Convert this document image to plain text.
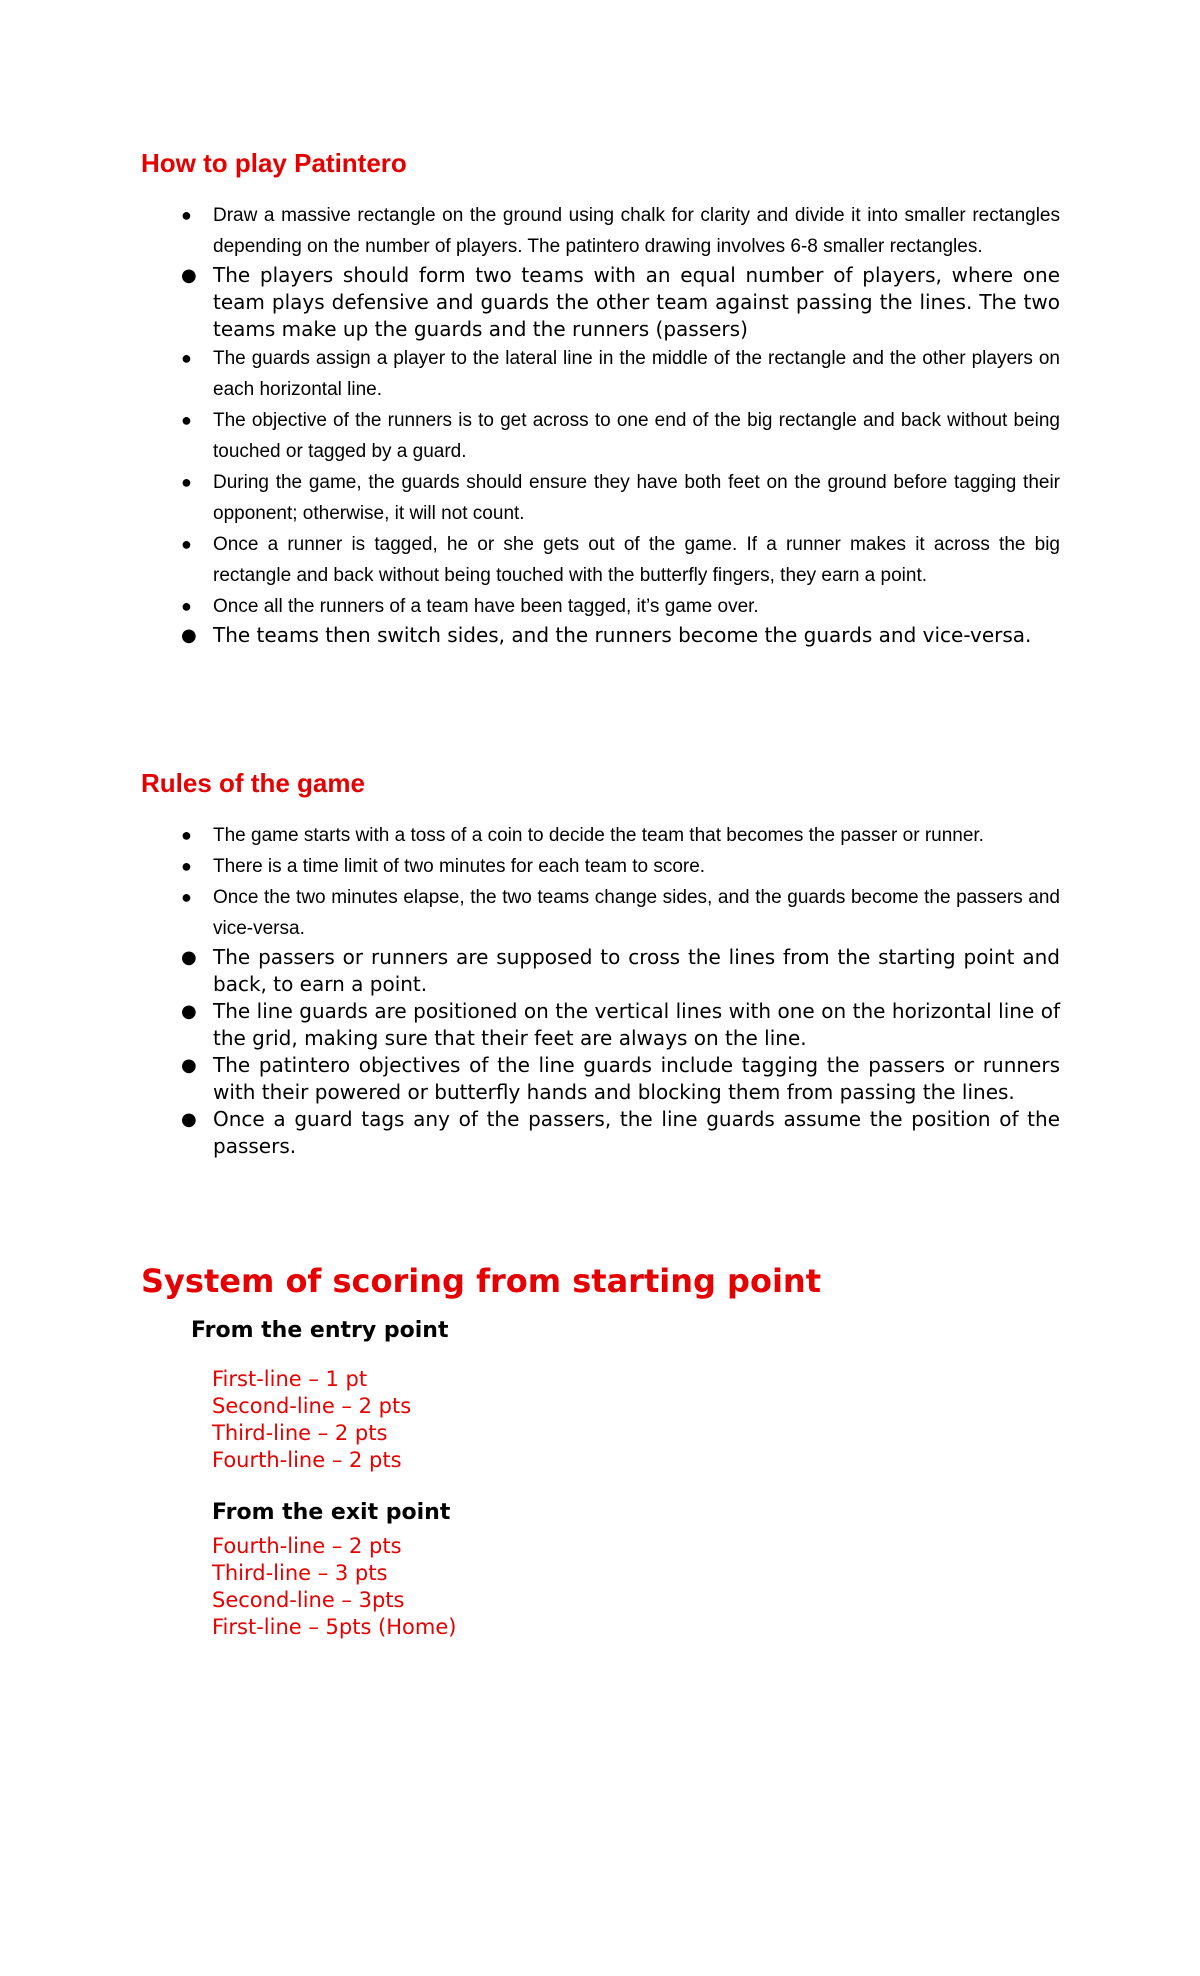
How to play Patintero
● Draw a massive rectangle on the ground using chalk for clarity and divide it into smaller rectangles depending on the number of players. The patintero drawing involves 6-8 smaller rectangles.
● The players should form two teams with an equal number of players, where one team plays defensive and guards the other team against passing the lines. The two teams make up the guards and the runners (passers)
● The guards assign a player to the lateral line in the middle of the rectangle and the other players on each horizontal line.
● The objective of the runners is to get across to one end of the big rectangle and back without being touched or tagged by a guard.
● During the game, the guards should ensure they have both feet on the ground before tagging their opponent; otherwise, it will not count.
● Once a runner is tagged, he or she gets out of the game. If a runner makes it across the big rectangle and back without being touched with the butterfly fingers, they earn a point.
● Once all the runners of a team have been tagged, it’s game over.
● The teams then switch sides, and the runners become the guards and vice-versa.
Rules of the game
● The game starts with a toss of a coin to decide the team that becomes the passer or runner.
● There is a time limit of two minutes for each team to score.
● Once the two minutes elapse, the two teams change sides, and the guards become the passers and vice-versa.
● The passers or runners are supposed to cross the lines from the starting point and back, to earn a point.
● The line guards are positioned on the vertical lines with one on the horizontal line of the grid, making sure that their feet are always on the line.
● The patintero objectives of the line guards include tagging the passers or runners with their powered or butterfly hands and blocking them from passing the lines.
● Once a guard tags any of the passers, the line guards assume the position of the passers.
System of scoring from starting point
From the entry point
First-line – 1 pt
Second-line – 2 pts
Third-line – 2 pts
Fourth-line – 2 pts
From the exit point
Fourth-line – 2 pts
Third-line – 3 pts
Second-line – 3pts
First-line – 5pts (Home)
